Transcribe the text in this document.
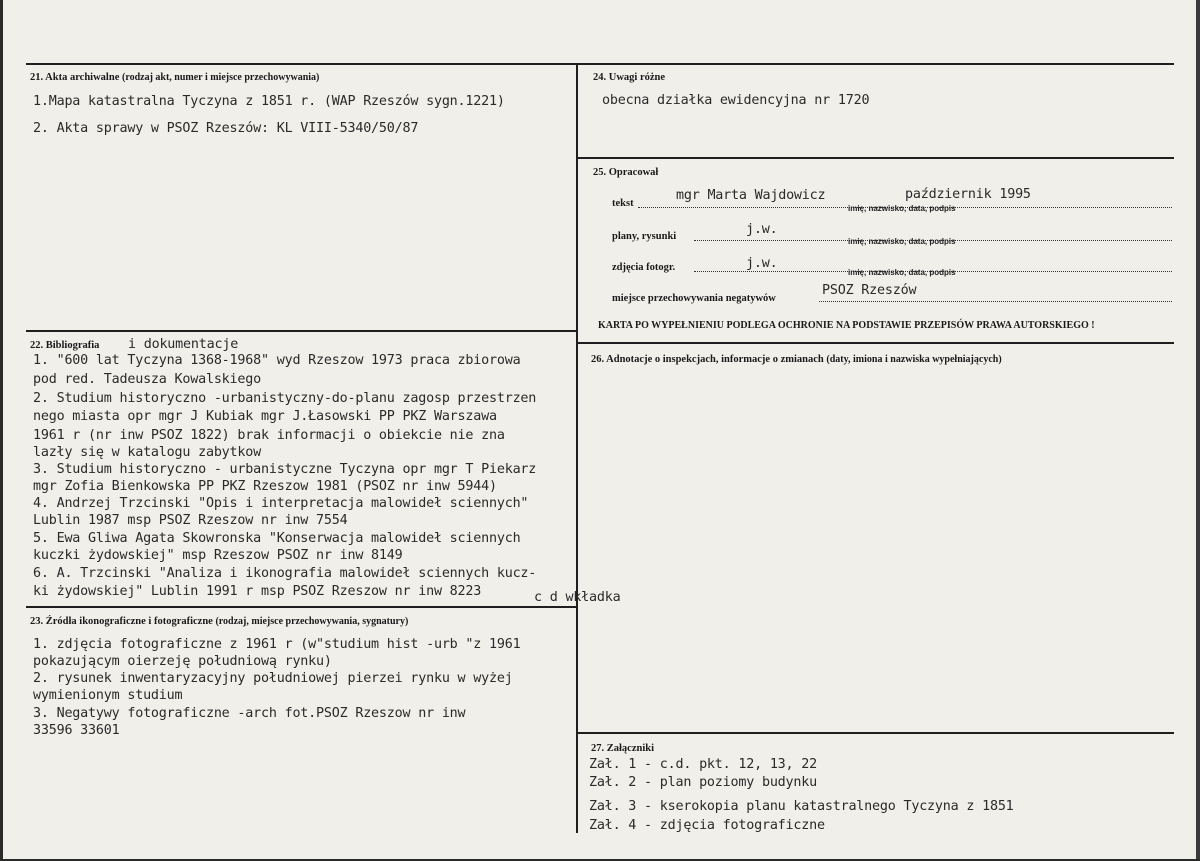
21. Akta archiwalne (rodzaj akt, numer i miejsce przechowywania)
1.Mapa katastralna Tyczyna z 1851 r. (WAP Rzeszów sygn.1221)
2. Akta sprawy w PSOZ Rzeszów: KL VIII-5340/50/87
24. Uwagi różne
obecna działka ewidencyjna nr 1720
25. Opracował
tekst
mgr Marta Wajdowicz	październik 1995
imię, nazwisko, data, podpis
plany, rysunki	j.w.
imię, nazwisko, data, podpis
zdjęcia fotogr.	j.w.
imię, nazwisko, data, podpis
miejsce przechowywania negatywów
PSOZ Rzeszów
KARTA PO WYPEŁNIENIU PODLEGA OCHRONIE NA PODSTAWIE PRZEPISÓW PRAWA AUTORSKIEGO !
22. Bibliografia i dokumentacje
1. "600 lat Tyczyna 1368-1968" wyd Rzeszow 1973 praca zbiorowa
pod red. Tadeusza Kowalskiego
2. Studium historyczno -urbanistyczny-do-planu zagosp przestrzen
nego miasta opr mgr J Kubiak mgr J.Łasowski PP PKZ Warszawa
1961 r (nr inw PSOZ 1822) brak informacji o obiekcie nie zna
lazły się w katalogu zabytkow
3. Studium historyczno - urbanistyczne Tyczyna opr mgr T Piekarz
mgr Zofia Bienkowska PP PKZ Rzeszow 1981 (PSOZ nr inw 5944)
4. Andrzej Trzcinski "Opis i interpretacja malowideł sciennych"
Lublin 1987 msp PSOZ Rzeszow nr inw 7554
5. Ewa Gliwa Agata Skowronska "Konserwacja malowideł sciennych
kuczki żydowskiej" msp Rzeszow PSOZ nr inw 8149
6. A. Trzcinski "Analiza i ikonografia malowideł sciennych kucz-
ki żydowskiej" Lublin 1991 r msp PSOZ Rzeszow nr inw 8223	c d wkładka
26. Adnotacje o inspekcjach, informacje o zmianach (daty, imiona i nazwiska wypełniających)
23. Źródła ikonograficzne i fotograficzne (rodzaj, miejsce przechowywania, sygnatury)
1. zdjęcia fotograficzne z 1961 r (w"studium hist -urb "z 1961
pokazującym oierzeję południową rynku)
2. rysunek inwentaryzacyjny południowej pierzei rynku w wyżej
wymienionym studium
3. Negatywy fotograficzne -arch fot.PSOZ Rzeszow nr inw
33596 33601
27. Załączniki
Zał. 1 - c.d. pkt. 12, 13, 22
Zał. 2 - plan poziomy budynku
Zał. 3 - kserokopia planu katastralnego Tyczyna z 1851
Zał. 4 - zdjęcia fotograficzne
